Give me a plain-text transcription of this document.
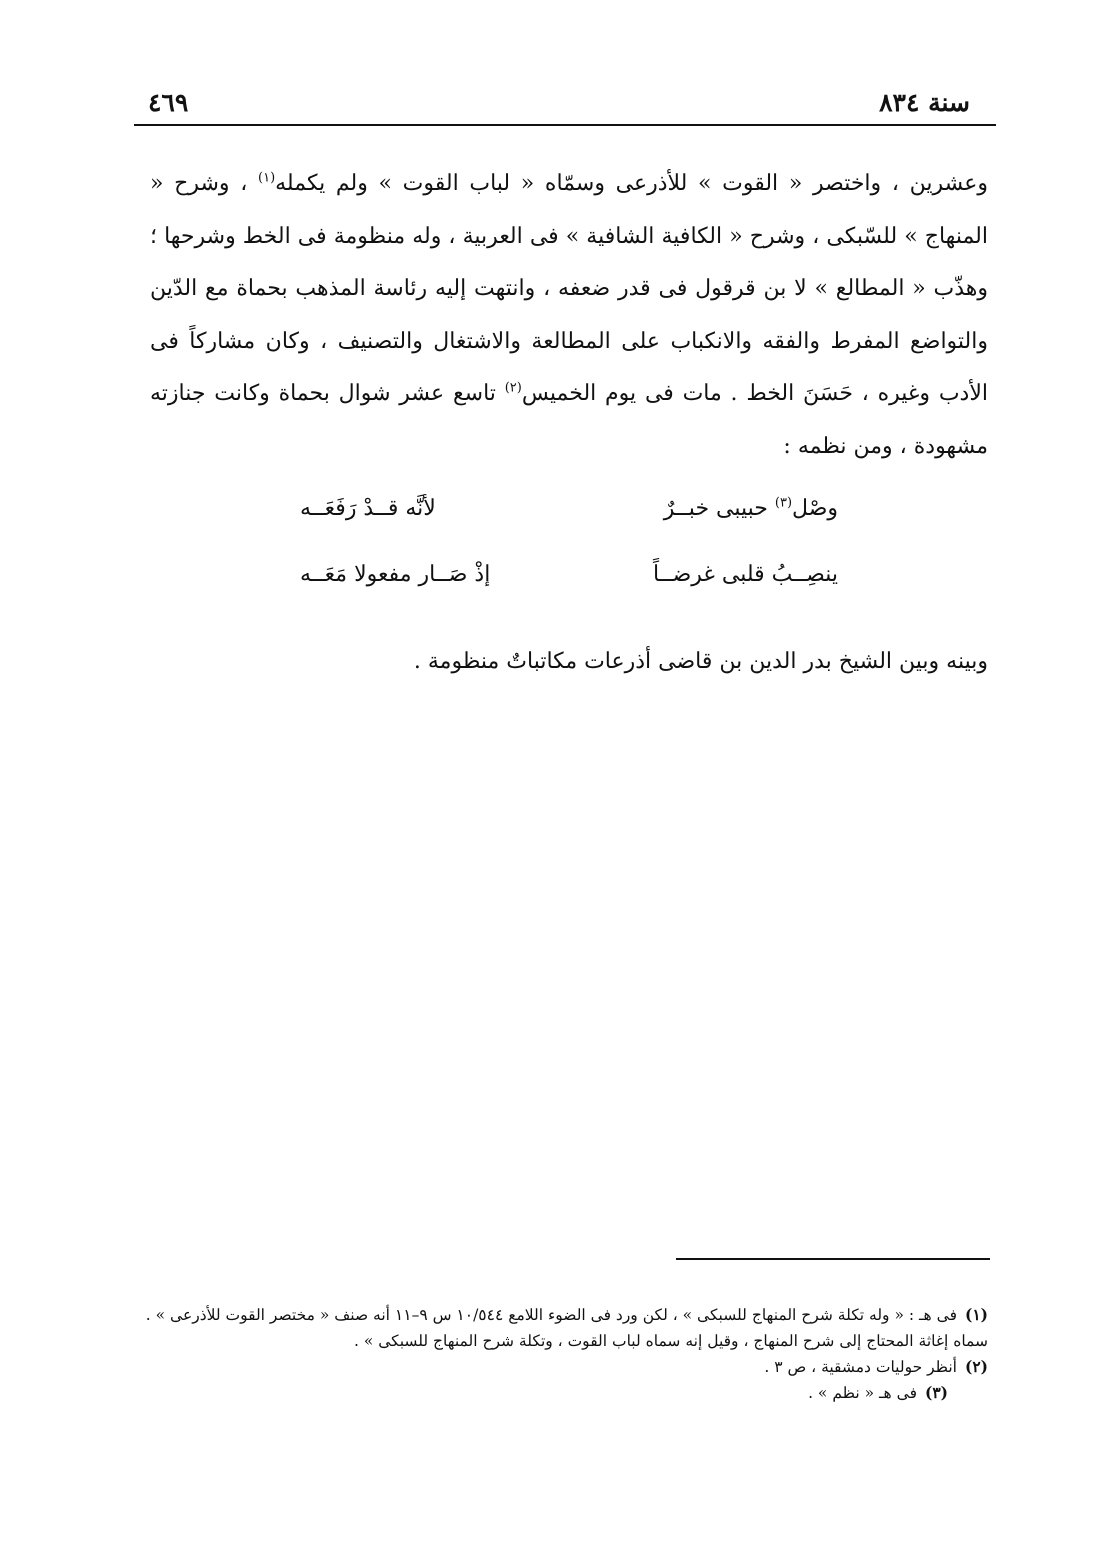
٤٦٩	سنة ٨٣٤

وعشرين ، واختصر « القوت » للأذرعى وسمّاه « لباب القوت » ولم يكمله$^{(١)}$ ، وشرح « المنهاج » للسّبكى ، وشرح « الكافية الشافية » فى العربية ، وله منظومة فى الخط وشرحها ؛ وهذّب « المطالع » لا بن قرقول فى قدر ضعفه ، وانتهت إليه رئاسة المذهب بحماة مع الدّين والتواضع المفرط والفقه والانكباب على المطالعة والاشتغال والتصنيف ، وكان مشاركاً فى الأدب وغيره ، حَسَنَ الخط . مات فى يوم الخميس$^{(٢)}$ تاسع عشر شوال بحماة وكانت جنازته مشهودة ، ومن نظمه :

وصْل$^{(٣)}$ حبيبى خبــرٌ
لأنَّه قــدْ رَفَعَــه
ينصِــبُ قلبى غرضــاً
إذْ صَــار مفعولا مَعَــه
وبينه وبين الشيخ بدر الدين بن قاضى أذرعات مكاتباتٌ منظومة .

(١)فى هـ : « وله تكلة شرح المنهاج للسبكى » ، لكن ورد فى الضوء اللامع ١٠/٥٤٤ س ٩–١١ أنه صنف « مختصر القوت للأذرعى » . سماه إغاثة المحتاج إلى شرح المنهاج ، وقيل إنه سماه لباب القوت ، وتكلة شرح المنهاج للسبكى » .

(٢)أنظر حوليات دمشقية ، ص ٣ .

(٣)فى هـ « نظم » .
